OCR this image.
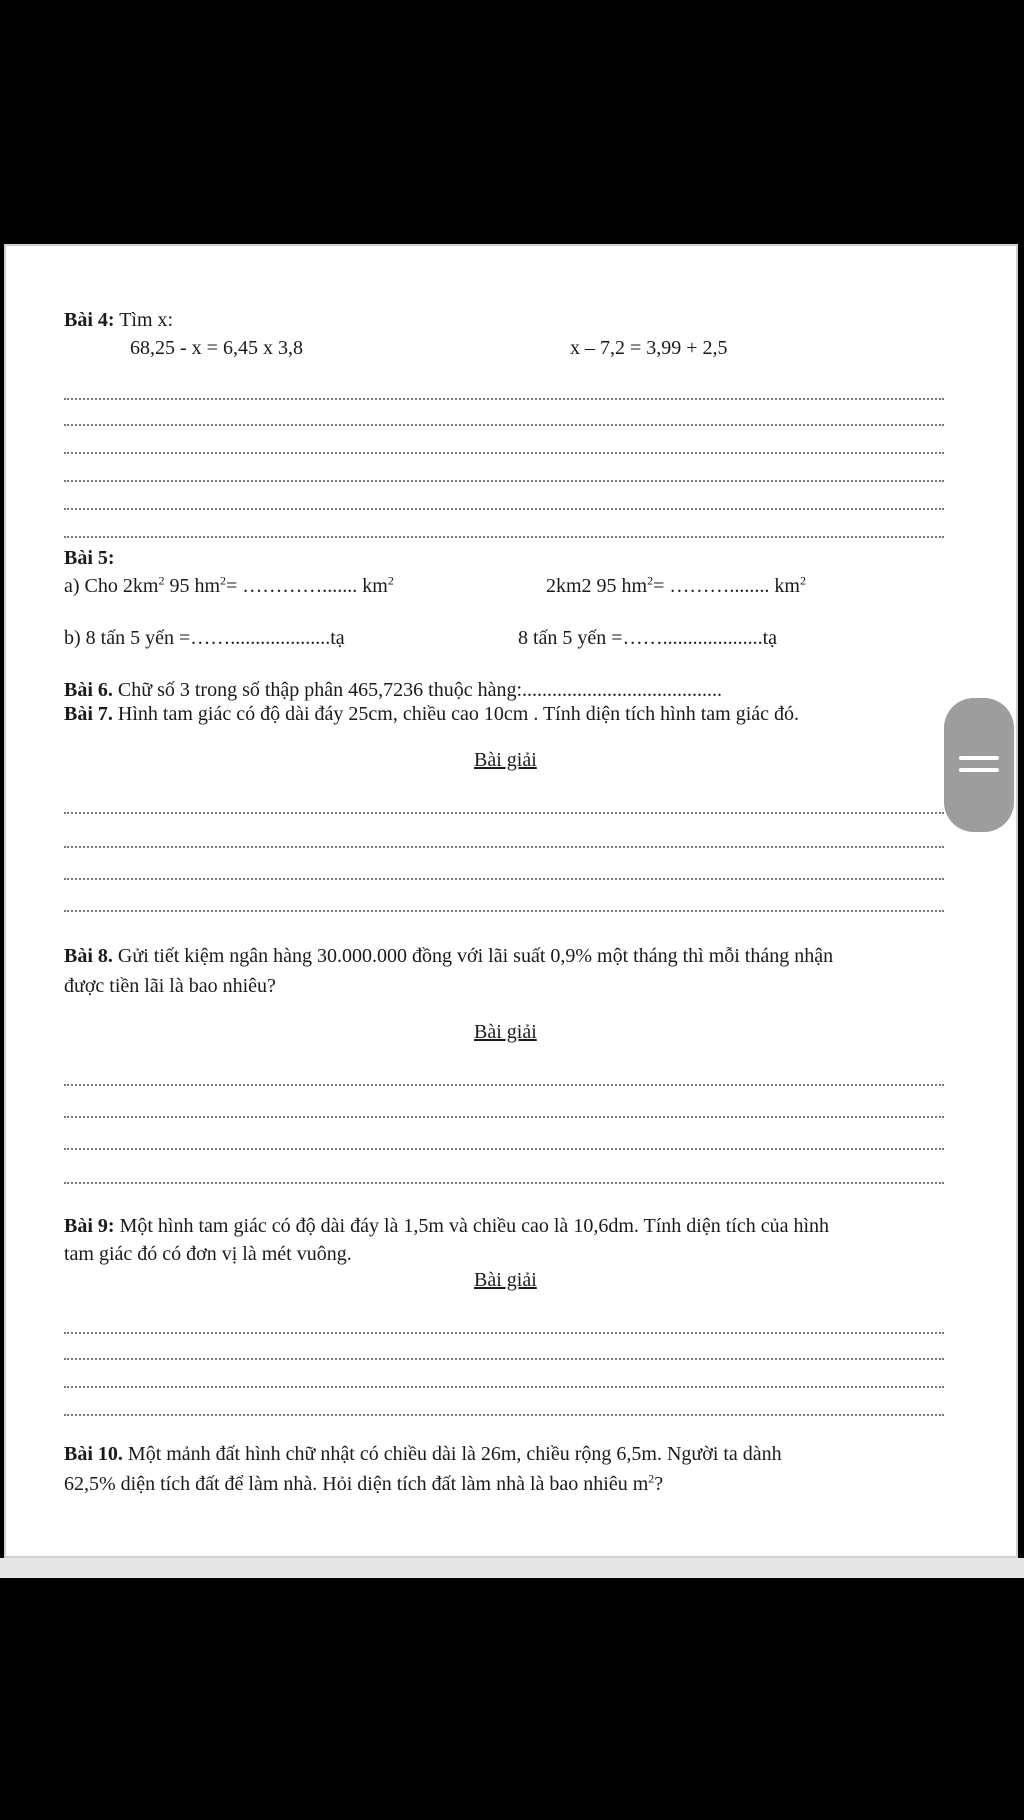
Bài 4: Tìm x:
68,25 - x = 6,45 x 3,8	x – 7,2 = 3,99 + 2,5
Bài 5:
a) Cho $2km^2$ 95 $hm^2=$ …………....... $km^2$	2km2 95 $hm^2=$ ………........ $km^2$
b) 8 tấn 5 yến =……....................tạ	8 tấn 5 yến =……....................tạ
Bài 6. Chữ số 3 trong số thập phân 465,7236 thuộc hàng:........................................
Bài 7. Hình tam giác có độ dài đáy 25cm, chiều cao 10cm . Tính diện tích hình tam giác đó.
Bài giải
Bài 8. Gửi tiết kiệm ngân hàng 30.000.000 đồng với lãi suất 0,9% một tháng thì mỗi tháng nhận
được tiền lãi là bao nhiêu?
Bài giải
Bài 9: Một hình tam giác có độ dài đáy là 1,5m và chiều cao là 10,6dm. Tính diện tích của hình
tam giác đó có đơn vị là mét vuông.
Bài giải
Bài 10. Một mảnh đất hình chữ nhật có chiều dài là 26m, chiều rộng 6,5m. Người ta dành
62,5% diện tích đất để làm nhà. Hỏi diện tích đất làm nhà là bao nhiêu $m^2$?
